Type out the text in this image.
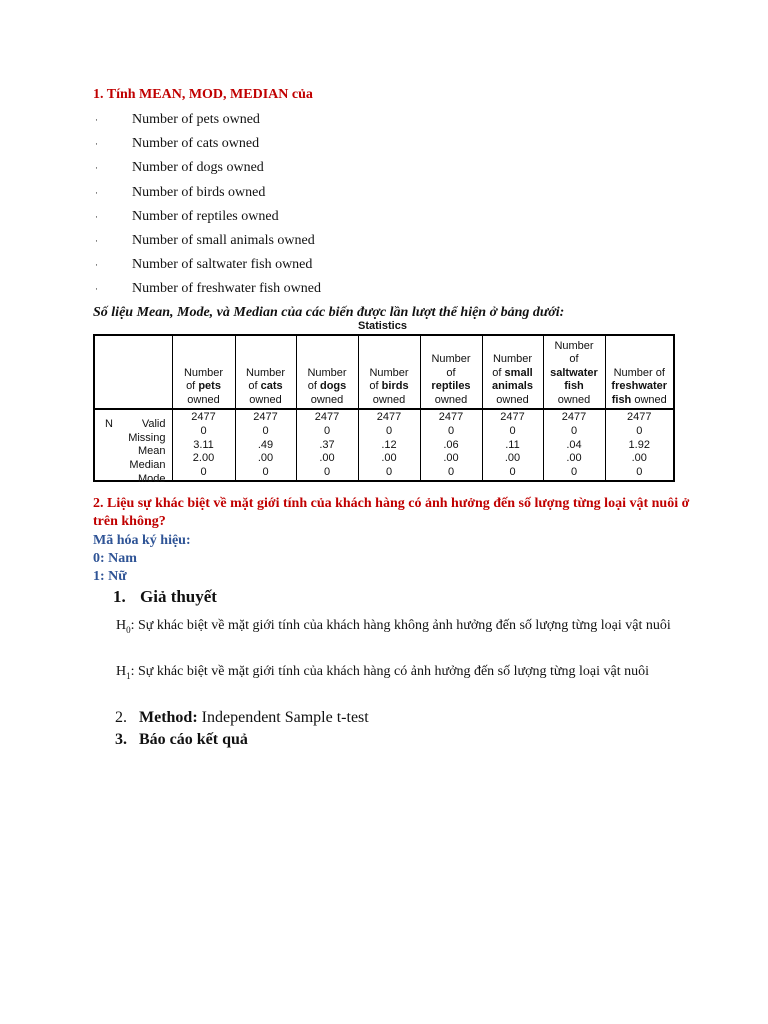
1. Tính MEAN, MOD, MEDIAN của
· Number of pets owned
· Number of cats owned
· Number of dogs owned
· Number of birds owned
· Number of reptiles owned
· Number of small animals owned
· Number of saltwater fish owned
· Number of freshwater fish owned
Số liệu Mean, Mode, và Median của các biến được lần lượt thể hiện ở bảng dưới:
Statistics
	Number
of pets
owned	Number
of cats
owned	Number
of dogs
owned	Number
of birds
owned	Number
of
reptiles
owned	Number
of small
animals
owned	Number
of
saltwater
fish
owned	Number of
freshwater fish owned

N Valid	2477	2477	2477	2477	2477	2477	2477	2477

Missing	0	0	0	0	0	0	0	0

Mean	3.11	.49	.37	.12	.06	.11	.04	1.92

Median	2.00	.00	.00	.00	.00	.00	.00	.00

Mode	0	0	0	0	0	0	0	0
2. Liệu sự khác biệt về mặt giới tính của khách hàng có ảnh hưởng đến số lượng từng loại vật nuôi ở trên không?
Mã hóa ký hiệu:
0: Nam
1: Nữ
1. Giả thuyết
$H_0$: Sự khác biệt về mặt giới tính của khách hàng không ảnh hưởng đến số lượng từng loại vật nuôi
$H_1$: Sự khác biệt về mặt giới tính của khách hàng có ảnh hưởng đến số lượng từng loại vật nuôi
2. Method: Independent Sample t-test
3. Báo cáo kết quả
